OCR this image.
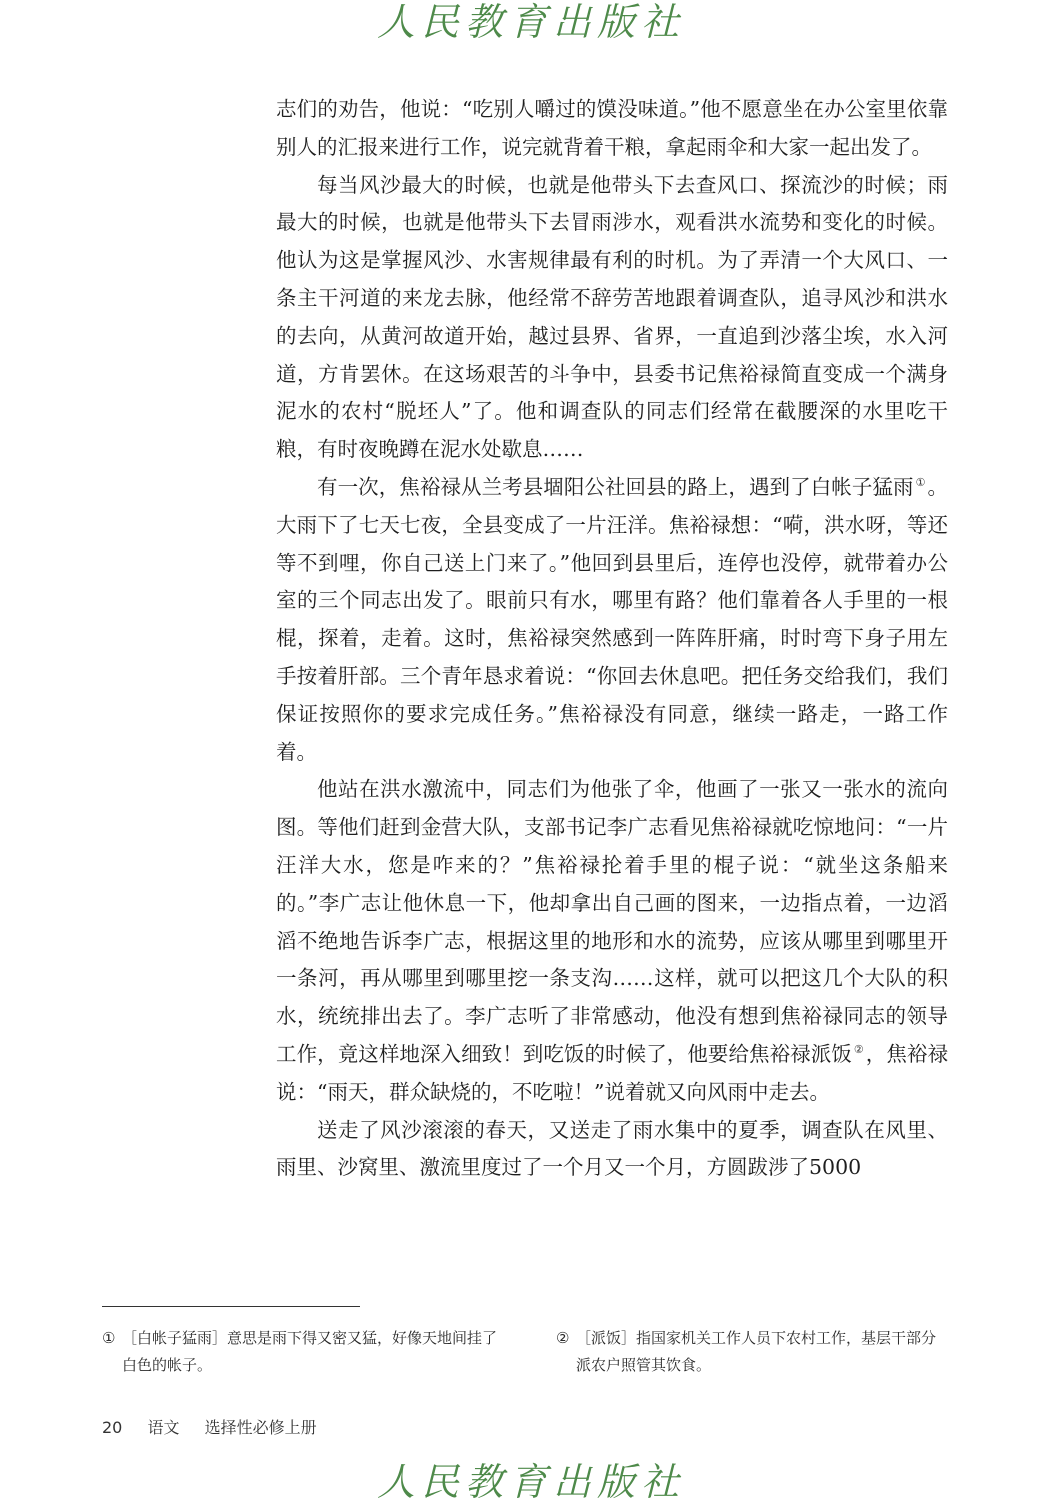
人民教育出版社

志们的劝告，他说：“吃别人嚼过的馍没味道。”他不愿意坐在办公室里依靠别人的汇报来进行工作，说完就背着干粮，拿起雨伞和大家一起出发了。

每当风沙最大的时候，也就是他带头下去查风口、探流沙的时候；雨最大的时候，也就是他带头下去冒雨涉水，观看洪水流势和变化的时候。他认为这是掌握风沙、水害规律最有利的时机。为了弄清一个大风口、一条主干河道的来龙去脉，他经常不辞劳苦地跟着调查队，追寻风沙和洪水的去向，从黄河故道开始，越过县界、省界，一直追到沙落尘埃，水入河道，方肯罢休。在这场艰苦的斗争中，县委书记焦裕禄简直变成一个满身泥水的农村“脱坯人”了。他和调查队的同志们经常在截腰深的水里吃干粮，有时夜晚蹲在泥水处歇息……

有一次，焦裕禄从兰考县堌阳公社回县的路上，遇到了白帐子猛雨 ①。大雨下了七天七夜，全县变成了一片汪洋。焦裕禄想：“嗬，洪水呀，等还等不到哩，你自己送上门来了。”他回到县里后，连停也没停，就带着办公室的三个同志出发了。眼前只有水，哪里有路？他们靠着各人手里的一根棍，探着，走着。这时，焦裕禄突然感到一阵阵肝痛，时时弯下身子用左手按着肝部。三个青年恳求着说：“你回去休息吧。把任务交给我们，我们保证按照你的要求完成任务。”焦裕禄没有同意，继续一路走，一路工作着。

他站在洪水激流中，同志们为他张了伞，他画了一张又一张水的流向图。等他们赶到金营大队，支部书记李广志看见焦裕禄就吃惊地问：“一片汪洋大水，您是咋来的？”焦裕禄抡着手里的棍子说：“就坐这条船来的。”李广志让他休息一下，他却拿出自己画的图来，一边指点着，一边滔滔不绝地告诉李广志，根据这里的地形和水的流势，应该从哪里到哪里开一条河，再从哪里到哪里挖一条支沟……这样，就可以把这几个大队的积水，统统排出去了。李广志听了非常感动，他没有想到焦裕禄同志的领导工作，竟这样地深入细致！到吃饭的时候了，他要给焦裕禄派饭 ②，焦裕禄说：“雨天，群众缺烧的，不吃啦！”说着就又向风雨中走去。

送走了风沙滚滚的春天，又送走了雨水集中的夏季，调查队在风里、雨里、沙窝里、激流里度过了一个月又一个月，方圆跋涉了5000

① ［白帐子猛雨］意思是雨下得又密又猛，好像天地间挂了白色的帐子。
② ［派饭］指国家机关工作人员下农村工作，基层干部分派农户照管其饮食。
20 语文 选择性必修上册
人民教育出版社
